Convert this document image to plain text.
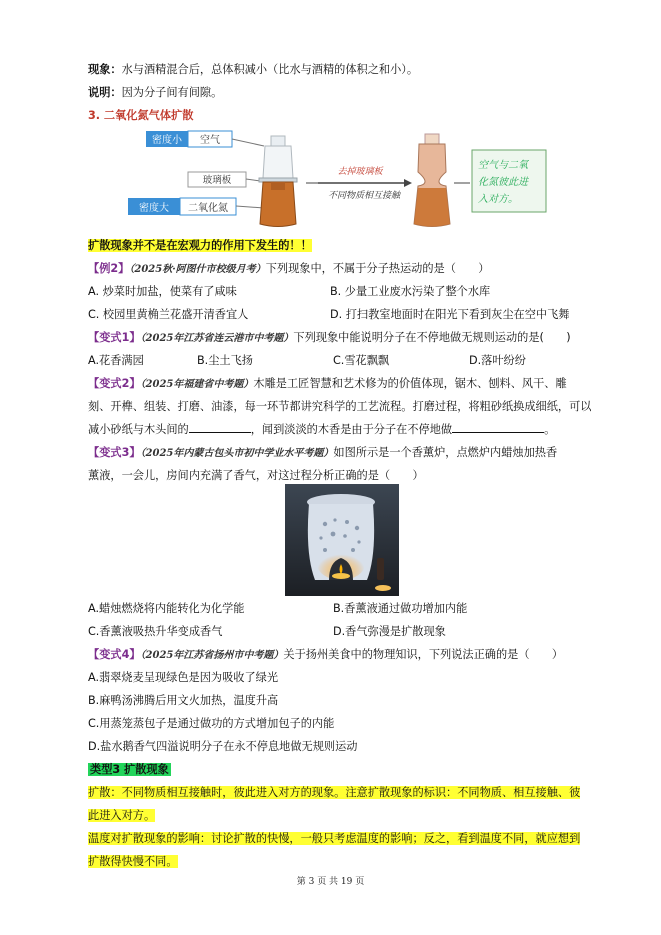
现象：水与酒精混合后，总体积减小（比水与酒精的体积之和小）。
说明：因为分子间有间隙。
3. 二氧化氮气体扩散
密度小 空气
玻璃板
密度大 二氧化氮
去掉玻璃板
不同物质相互接触
空气与二氧
化氮彼此进
入对方。
扩散现象并不是在宏观力的作用下发生的！！
【例2】（2025秋·阿图什市校级月考）下列现象中，不属于分子热运动的是（　　）
A. 炒菜时加盐，使菜有了咸味	B. 少量工业废水污染了整个水库
C. 校园里黄桷兰花盛开清香宜人	D. 打扫教室地面时在阳光下看到灰尘在空中飞舞
【变式1】（2025年江苏省连云港市中考题）下列现象中能说明分子在不停地做无规则运动的是(　　)
A.花香满园	B.尘土飞扬	C.雪花飘飘	D.落叶纷纷
【变式2】（2025年福建省中考题）木雕是工匠智慧和艺术修为的价值体现，锯木、刨料、风干、雕
刻、开榫、组装、打磨、油漆，每一环节都讲究科学的工艺流程。打磨过程，将粗砂纸换成细纸，可以
减小砂纸与木头间的	，闻到淡淡的木香是由于分子在不停地做	。
【变式3】（2025年内蒙古包头市初中学业水平考题）如图所示是一个香薰炉，点燃炉内蜡烛加热香
薰液，一会儿，房间内充满了香气，对这过程分析正确的是（　　）
A.蜡烛燃烧将内能转化为化学能	B.香薰液通过做功增加内能
C.香薰液吸热升华变成香气	D.香气弥漫是扩散现象
【变式4】（2025年江苏省扬州市中考题）关于扬州美食中的物理知识，下列说法正确的是（　　）
A.翡翠烧麦呈现绿色是因为吸收了绿光
B.麻鸭汤沸腾后用文火加热，温度升高
C.用蒸笼蒸包子是通过做功的方式增加包子的内能
D.盐水鹅香气四溢说明分子在永不停息地做无规则运动
类型3 扩散现象
扩散：不同物质相互接触时，彼此进入对方的现象。注意扩散现象的标识：不同物质、相互接触、彼
此进入对方。
温度对扩散现象的影响：讨论扩散的快慢，一般只考虑温度的影响；反之，看到温度不同，就应想到
扩散得快慢不同。
第 3 页 共 19 页
